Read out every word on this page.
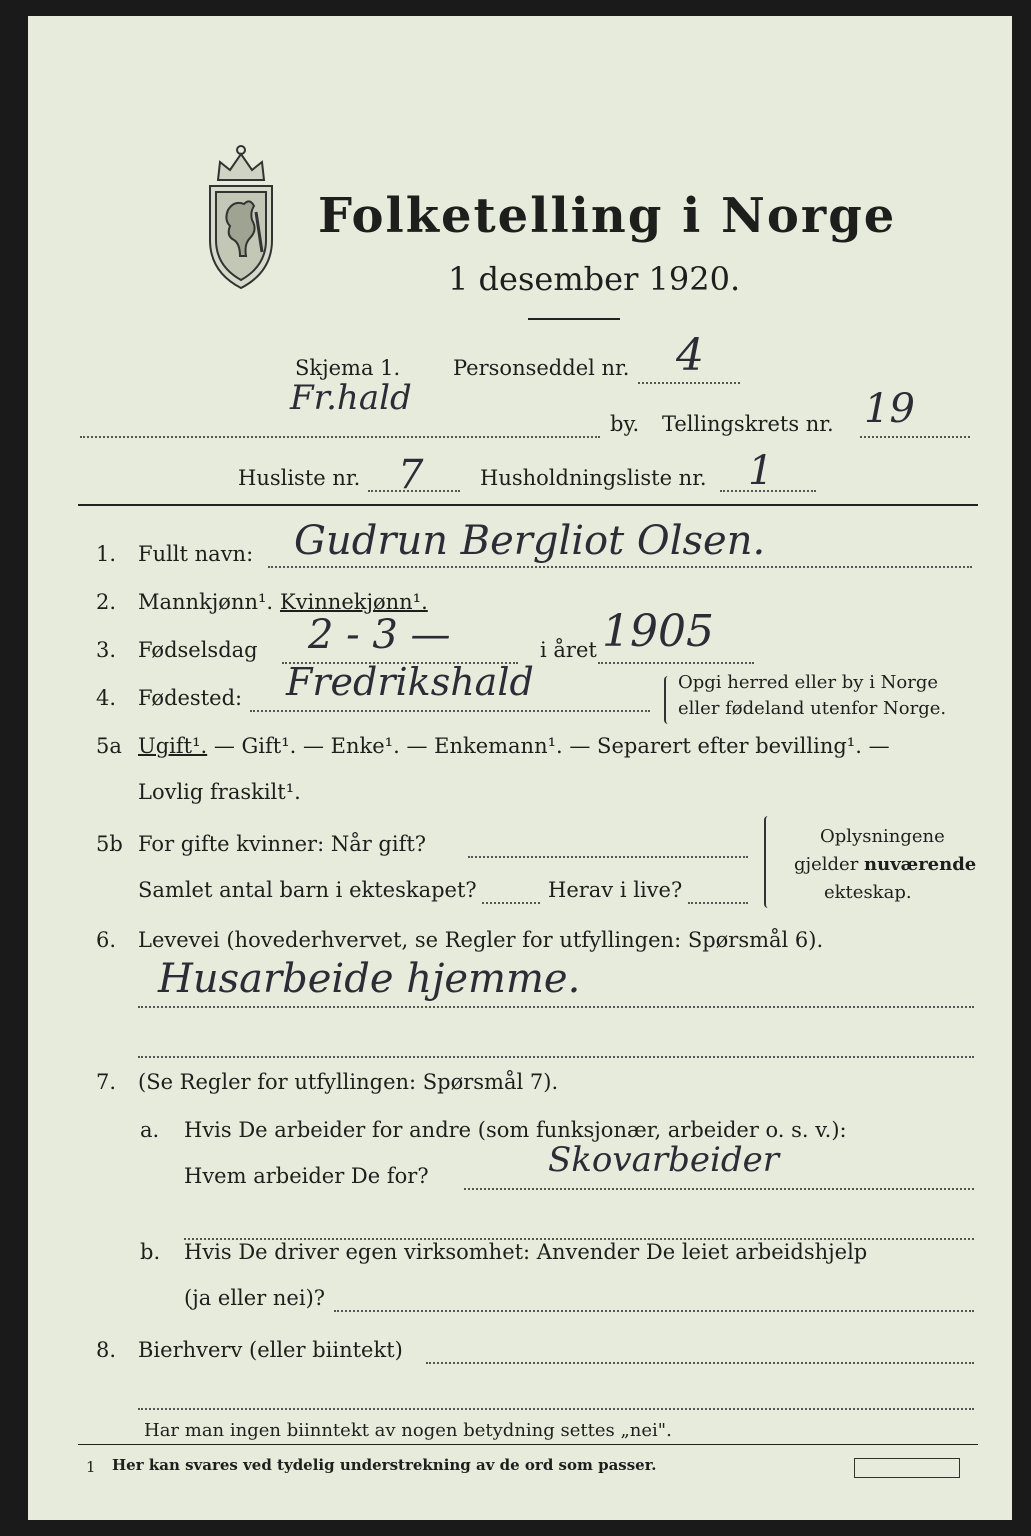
Folketelling i Norge
1 desember 1920.
Skjema 1.	Personseddel nr. 4
Fr.hald
by. Tellingskrets nr. 19
Husliste nr. 7	Husholdningsliste nr. 1
1. Fullt navn: Gudrun Bergliot Olsen.
2. Mannkjønn¹. Kvinnekjønn¹.
3. Fødselsdag 2 - 3 —	i året 1905
4. Fødested: Fredrikshald	Opgi herred eller by i Norge
eller fødeland utenfor Norge.
5a Ugift¹. — Gift¹. — Enke¹. — Enkemann¹. — Separert efter bevilling¹. —
Lovlig fraskilt¹.
5b For gifte kvinner: Når gift?
Samlet antal barn i ekteskapet?	Herav i live?
Oplysningene
gjelder nuværende
ekteskap.
6. Levevei (hovederhvervet, se Regler for utfyllingen: Spørsmål 6).
Husarbeide hjemme.
7. (Se Regler for utfyllingen: Spørsmål 7).
a. Hvis De arbeider for andre (som funksjonær, arbeider o. s. v.):
Hvem arbeider De for?	Skovarbeider
b. Hvis De driver egen virksomhet: Anvender De leiet arbeidshjelp
(ja eller nei)?
8. Bierhverv (eller biintekt)
Har man ingen biinntekt av nogen betydning settes „nei".
1 Her kan svares ved tydelig understrekning av de ord som passer.
